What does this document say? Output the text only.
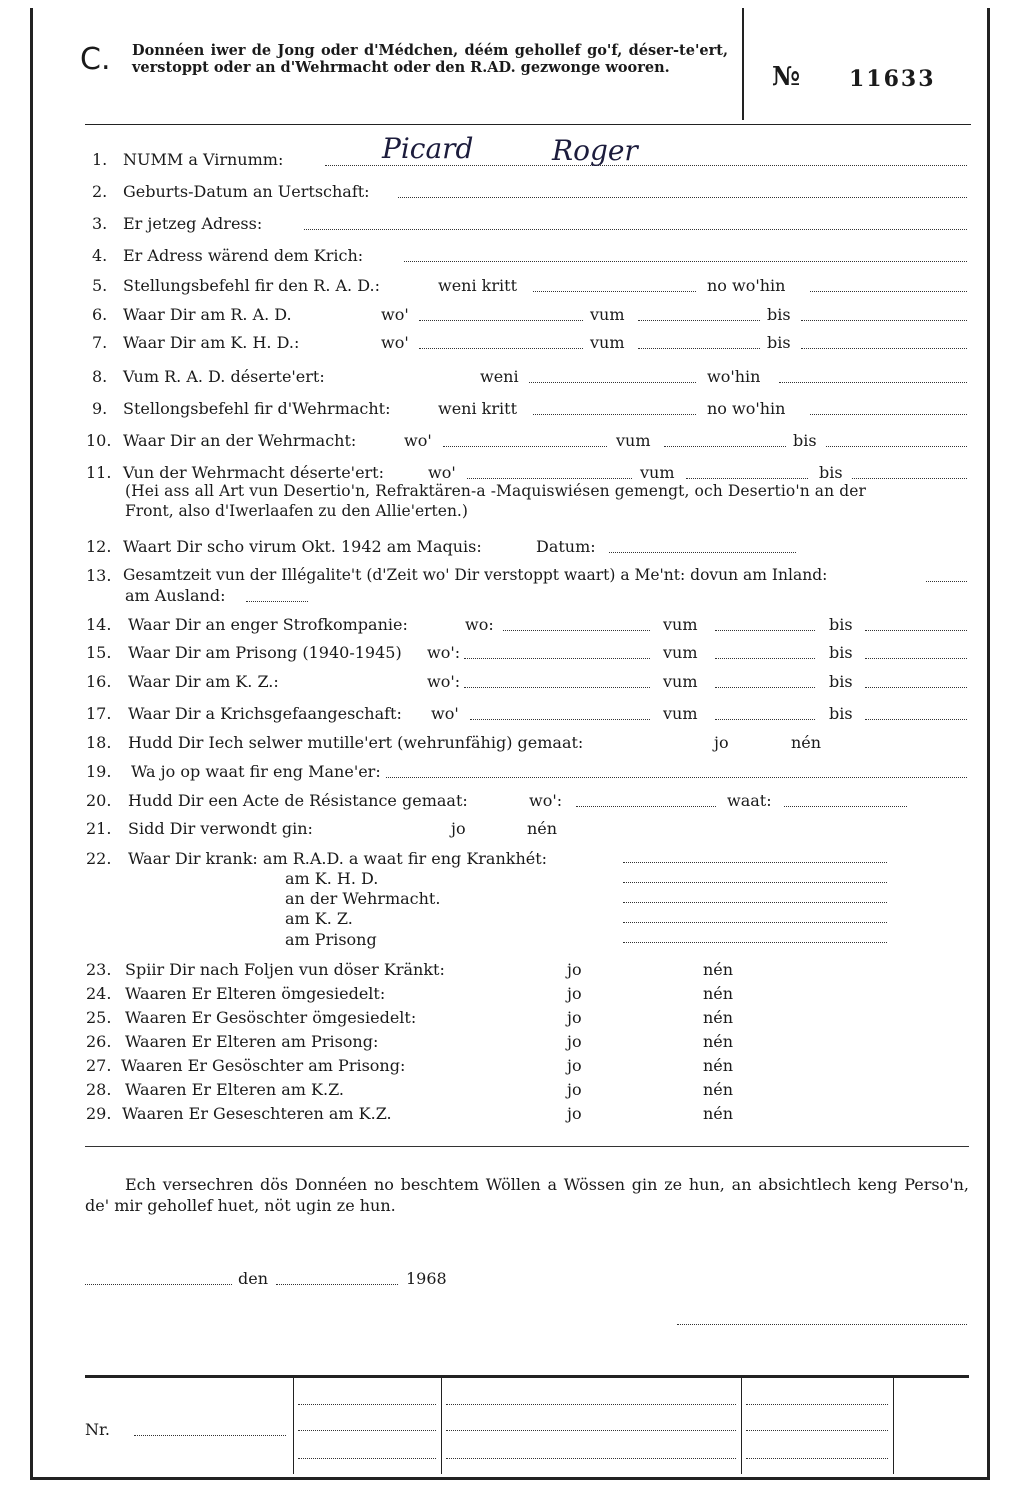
C. Donnéen iwer de Jong oder d'Médchen, déém gehollef go'f, déser-te'ert, verstoppt oder an d'Wehrmacht oder den R.AD. gezwonge wooren.	№ 11633
1. NUMM a Virnumm:	Picard	Roger
2. Geburts-Datum an Uertschaft:
3. Er jetzeg Adress:
4. Er Adress wärend dem Krich:
5. Stellungsbefehl fir den R. A. D.:	weni kritt	no wo'hin
6. Waar Dir am R. A. D.	wo'	vum	bis
7. Waar Dir am K. H. D.:	wo'	vum	bis
8. Vum R. A. D. déserte'ert:	weni	wo'hin
9. Stellongsbefehl fir d'Wehrmacht:	weni kritt	no wo'hin
10. Waar Dir an der Wehrmacht:	wo'	vum	bis
11. Vun der Wehrmacht déserte'ert:	wo'	vum	bis
(Hei ass all Art vun Desertio'n, Refraktären-a -Maquiswiésen gemengt, och Desertio'n an der
Front, also d'Iwerlaafen zu den Allie'erten.)
12. Waart Dir scho virum Okt. 1942 am Maquis:	Datum:
13. Gesamtzeit vun der Illégalite't (d'Zeit wo' Dir verstoppt waart) a Me'nt: dovun am Inland:
am Ausland:
14. Waar Dir an enger Strofkompanie:	wo:	vum	bis
15. Waar Dir am Prisong (1940-1945) wo':	vum	bis
16. Waar Dir am K. Z.:	wo':	vum	bis
17. Waar Dir a Krichsgefaangeschaft: wo'	vum	bis
18. Hudd Dir Iech selwer mutille'ert (wehrunfähig) gemaat:	jo	nén
19. Wa jo op waat fir eng Mane'er:
20. Hudd Dir een Acte de Résistance gemaat:	wo':	waat:
21. Sidd Dir verwondt gin:	jo	nén
22. Waar Dir krank: am R.A.D. a waat fir eng Krankhét:
am K. H. D.
an der Wehrmacht.
am K. Z.
am Prisong
23. Spiir Dir nach Foljen vun döser Kränkt:	jo	nén
24. Waaren Er Elteren ömgesiedelt:	jo	nén
25. Waaren Er Gesöschter ömgesiedelt:	jo	nén
26. Waaren Er Elteren am Prisong:	jo	nén
27. Waaren Er Gesöschter am Prisong:	jo	nén
28. Waaren Er Elteren am K.Z.	jo	nén
29. Waaren Er Geseschteren am K.Z.	jo	nén
Ech versechren dös Donnéen no beschtem Wöllen a Wössen gin ze hun, an absichtlech keng Perso'n, de' mir gehollef huet, nöt ugin ze hun.
den	1968
Nr.
